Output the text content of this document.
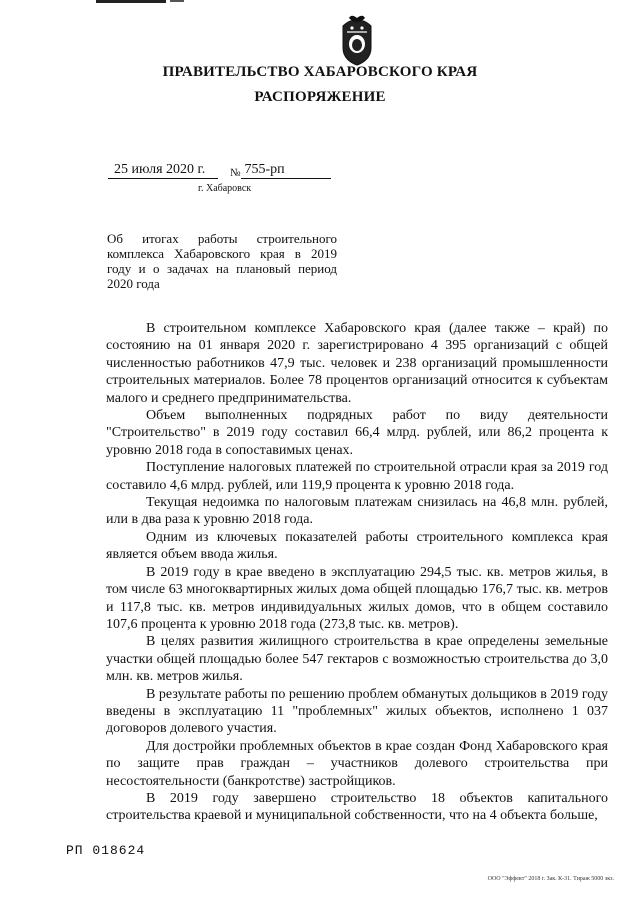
ПРАВИТЕЛЬСТВО ХАБАРОВСКОГО КРАЯ
РАСПОРЯЖЕНИЕ
25 июля 2020 г. № 755-рп
г. Хабаровск
Об итогах работы строительного комплекса Хабаровского края в 2019 году и о задачах на плановый период 2020 года

В строительном комплексе Хабаровского края (далее также – край) по состоянию на 01 января 2020 г. зарегистрировано 4 395 организаций с общей численностью работников 47,9 тыс. человек и 238 организаций промышленности строительных материалов. Более 78 процентов организаций относится к субъектам малого и среднего предпринимательства.

Объем выполненных подрядных работ по виду деятельности "Строительство" в 2019 году составил 66,4 млрд. рублей, или 86,2 процента к уровню 2018 года в сопоставимых ценах.

Поступление налоговых платежей по строительной отрасли края за 2019 год составило 4,6 млрд. рублей, или 119,9 процента к уровню 2018 года.

Текущая недоимка по налоговым платежам снизилась на 46,8 млн. рублей, или в два раза к уровню 2018 года.

Одним из ключевых показателей работы строительного комплекса края является объем ввода жилья.

В 2019 году в крае введено в эксплуатацию 294,5 тыс. кв. метров жилья, в том числе 63 многоквартирных жилых дома общей площадью 176,7 тыс. кв. метров и 117,8 тыс. кв. метров индивидуальных жилых домов, что в общем составило 107,6 процента к уровню 2018 года (273,8 тыс. кв. метров).

В целях развития жилищного строительства в крае определены земельные участки общей площадью более 547 гектаров с возможностью строительства до 3,0 млн. кв. метров жилья.

В результате работы по решению проблем обманутых дольщиков в 2019 году введены в эксплуатацию 11 "проблемных" жилых объектов, исполнено 1 037 договоров долевого участия.

Для достройки проблемных объектов в крае создан Фонд Хабаровского края по защите прав граждан – участников долевого строительства при несостоятельности (банкротстве) застройщиков.

В 2019 году завершено строительство 18 объектов капитального строительства краевой и муниципальной собственности, что на 4 объекта больше,

РП 018624
ООО "Эффект" 2018 г. Зак. К-31. Тираж 5000 экз.
